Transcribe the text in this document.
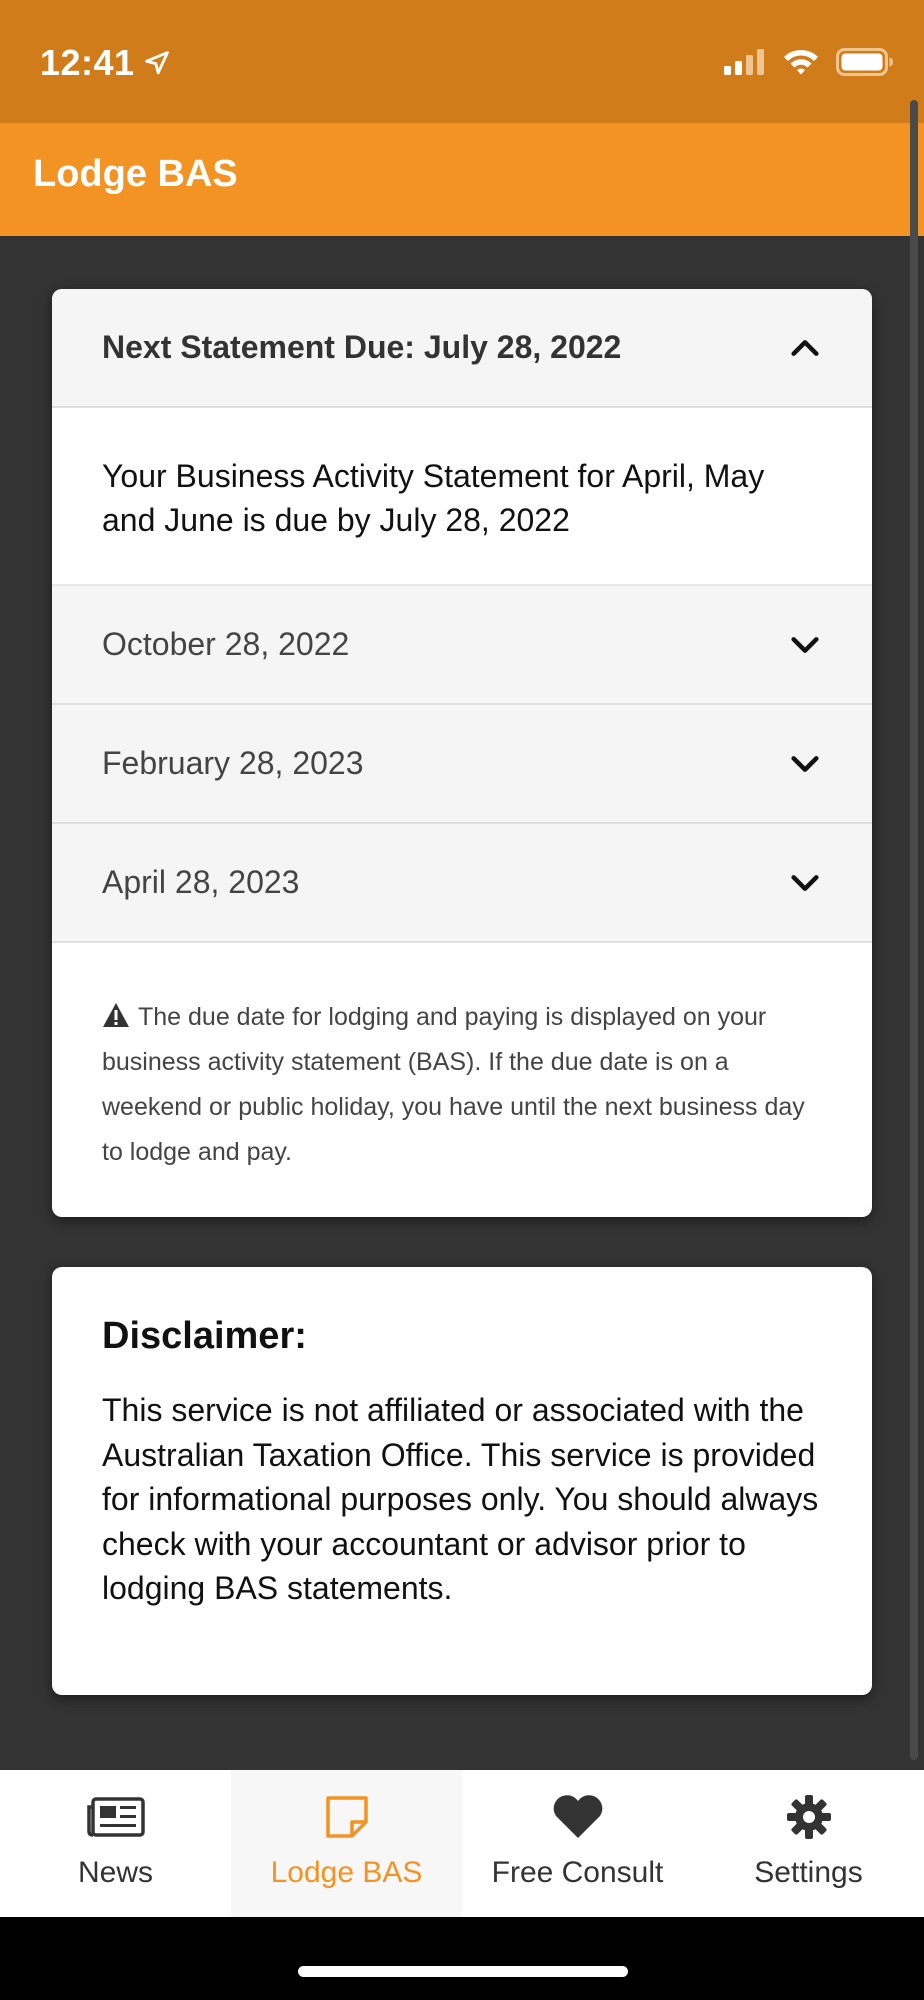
12:41
Lodge BAS
Next Statement Due: July 28, 2022
Your Business Activity Statement for April, May and June is due by July 28, 2022
October 28, 2022
February 28, 2023
April 28, 2023
The due date for lodging and paying is displayed on your business activity statement (BAS). If the due date is on a weekend or public holiday, you have until the next business day to lodge and pay.
Disclaimer:
This service is not affiliated or associated with the Australian Taxation Office. This service is provided for informational purposes only. You should always check with your accountant or advisor prior to lodging BAS statements.
News	Lodge BAS Free Consult	Settings
